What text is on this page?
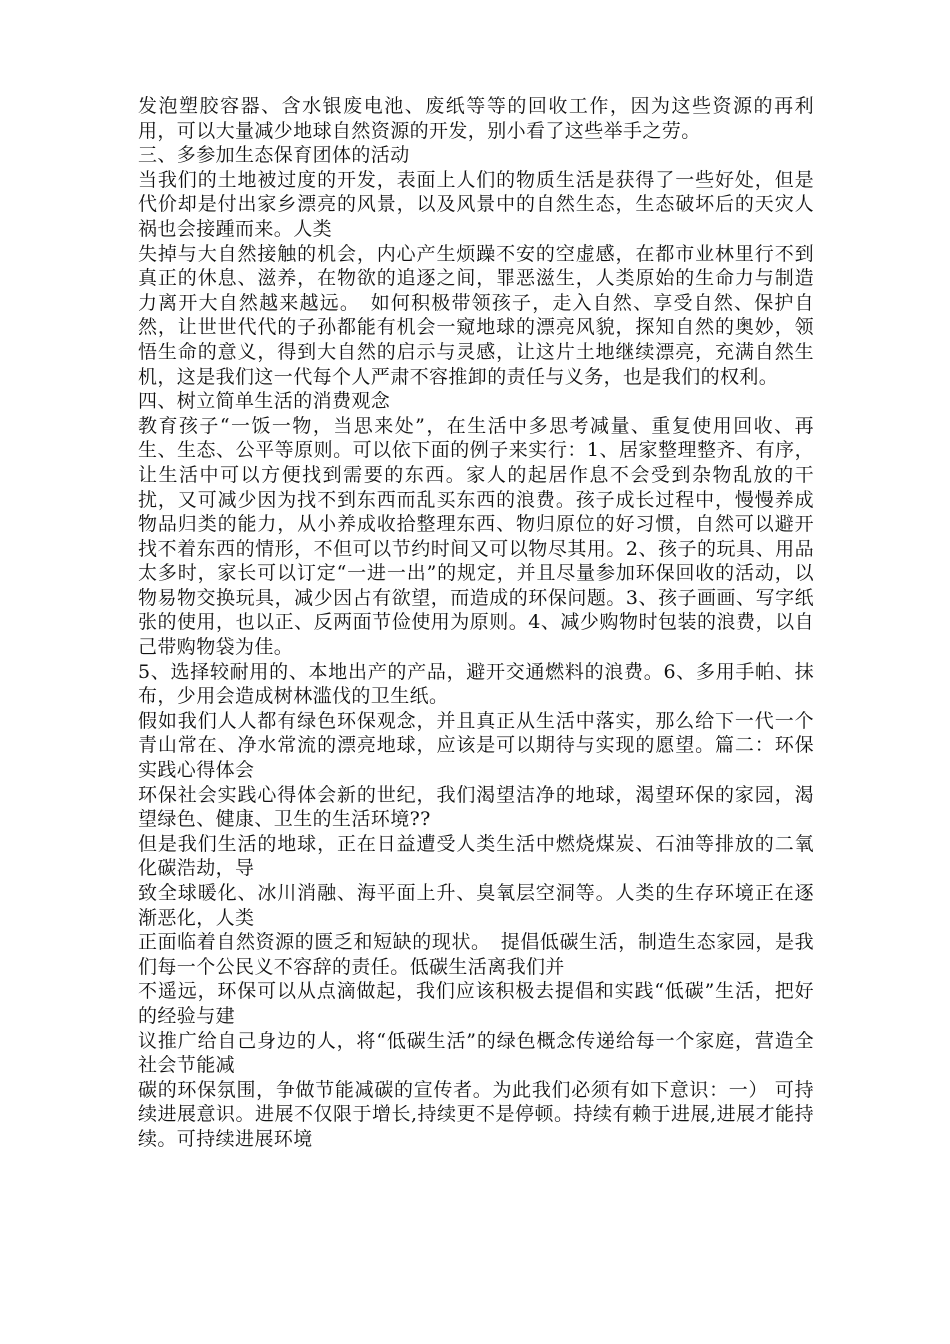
发泡塑胶容器、含水银废电池、废纸等等的回收工作，因为这些资源的再利用，可以大量减少地球自然资源的开发，别小看了这些举手之劳。

三、多参加生态保育团体的活动

当我们的土地被过度的开发，表面上人们的物质生活是获得了一些好处，但是代价却是付出家乡漂亮的风景，以及风景中的自然生态，生态破坏后的天灾人祸也会接踵而来。人类

失掉与大自然接触的机会，内心产生烦躁不安的空虚感，在都市业林里行不到真正的休息、滋养，在物欲的追逐之间，罪恶滋生，人类原始的生命力与制造力离开大自然越来越远。　如何积极带领孩子，走入自然、享受自然、保护自然，让世世代代的子孙都能有机会一窥地球的漂亮风貌，探知自然的奥妙，领悟生命的意义，得到大自然的启示与灵感，让这片土地继续漂亮，充满自然生机，这是我们这一代每个人严肃不容推卸的责任与义务，也是我们的权利。

四、树立简单生活的消费观念

教育孩子“一饭一物，当思来处”，在生活中多思考减量、重复使用回收、再生、生态、公平等原则。可以依下面的例子来实行：1、居家整理整齐、有序，让生活中可以方便找到需要的东西。家人的起居作息不会受到杂物乱放的干扰，又可减少因为找不到东西而乱买东西的浪费。孩子成长过程中，慢慢养成物品归类的能力，从小养成收拾整理东西、物归原位的好习惯，自然可以避开找不着东西的情形，不但可以节约时间又可以物尽其用。2、孩子的玩具、用品太多时，家长可以订定“一进一出”的规定，并且尽量参加环保回收的活动，以物易物交换玩具，减少因占有欲望，而造成的环保问题。3、孩子画画、写字纸张的使用，也以正、反两面节俭使用为原则。4、减少购物时包装的浪费，以自己带购物袋为佳。

5、选择较耐用的、本地出产的产品，避开交通燃料的浪费。6、多用手帕、抹布，少用会造成树林滥伐的卫生纸。

假如我们人人都有绿色环保观念，并且真正从生活中落实，那么给下一代一个青山常在、净水常流的漂亮地球，应该是可以期待与实现的愿望。篇二：环保实践心得体会

环保社会实践心得体会新的世纪，我们渴望洁净的地球，渴望环保的家园，渴望绿色、健康、卫生的生活环境??

但是我们生活的地球，正在日益遭受人类生活中燃烧煤炭、石油等排放的二氧化碳浩劫，导

致全球暖化、冰川消融、海平面上升、臭氧层空洞等。人类的生存环境正在逐渐恶化，人类

正面临着自然资源的匮乏和短缺的现状。　提倡低碳生活，制造生态家园，是我们每一个公民义不容辞的责任。低碳生活离我们并

不遥远，环保可以从点滴做起，我们应该积极去提倡和实践“低碳”生活，把好的经验与建

议推广给自己身边的人，将“低碳生活”的绿色概念传递给每一个家庭，营造全社会节能减

碳的环保氛围，争做节能减碳的宣传者。为此我们必须有如下意识：一） 可持续进展意识。进展不仅限于增长,持续更不是停顿。持续有赖于进展,进展才能持续。可持续进展环境
